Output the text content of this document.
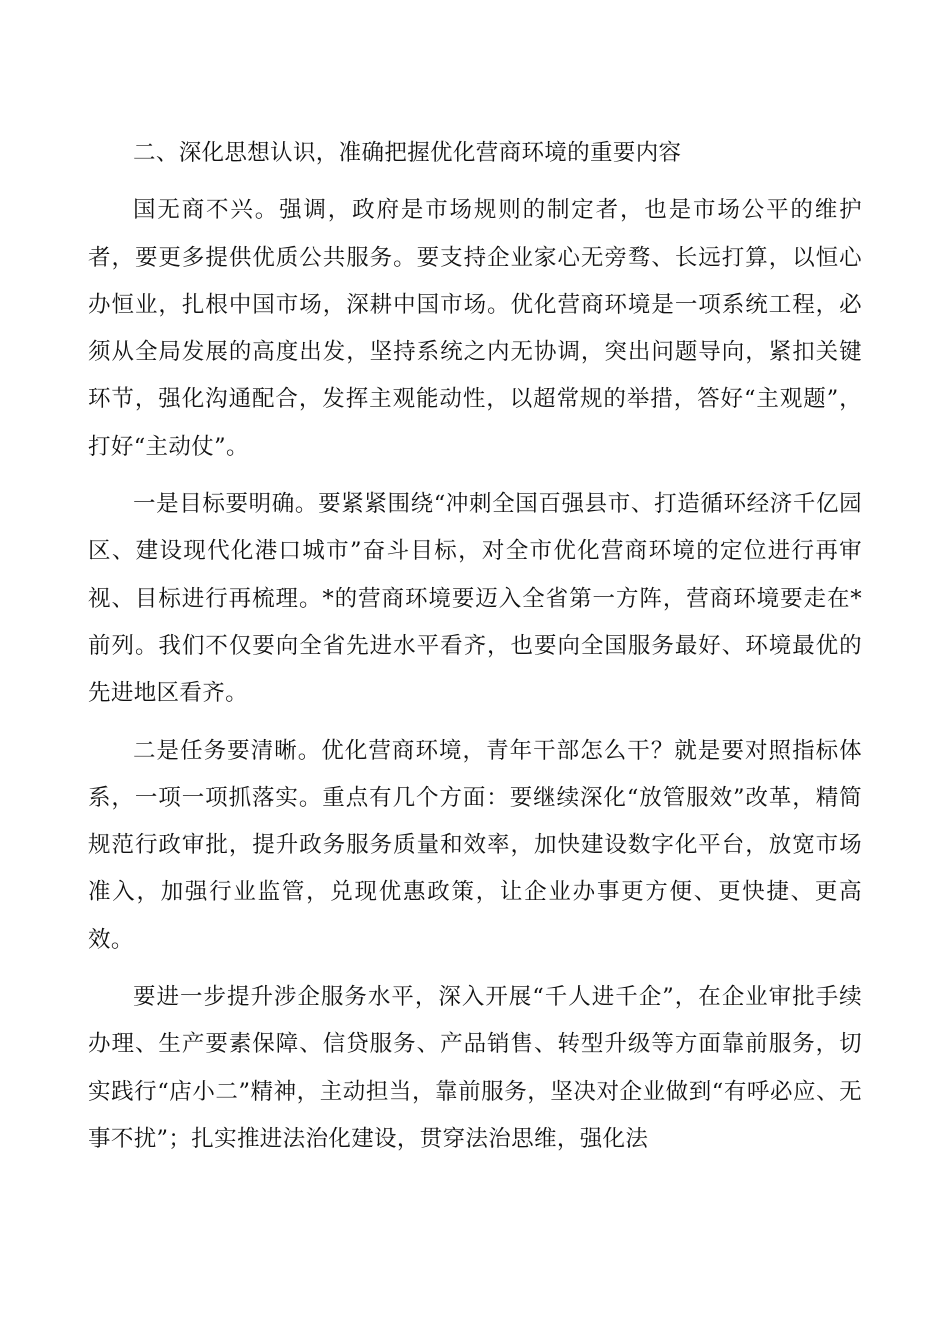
二、深化思想认识，准确把握优化营商环境的重要内容

国无商不兴。强调，政府是市场规则的制定者，也是市场公平的维护者，要更多提供优质公共服务。要支持企业家心无旁骛、长远打算，以恒心办恒业，扎根中国市场，深耕中国市场。优化营商环境是一项系统工程，必须从全局发展的高度出发，坚持系统之内无协调，突出问题导向，紧扣关键环节，强化沟通配合，发挥主观能动性，以超常规的举措，答好“主观题”，打好“主动仗”。

一是目标要明确。要紧紧围绕“冲刺全国百强县市、打造循环经济千亿园区、建设现代化港口城市”奋斗目标，对全市优化营商环境的定位进行再审视、目标进行再梳理。*的营商环境要迈入全省第一方阵，营商环境要走在*前列。我们不仅要向全省先进水平看齐，也要向全国服务最好、环境最优的先进地区看齐。

二是任务要清晰。优化营商环境，青年干部怎么干？就是要对照指标体系，一项一项抓落实。重点有几个方面：要继续深化“放管服效”改革，精简规范行政审批，提升政务服务质量和效率，加快建设数字化平台，放宽市场准入，加强行业监管，兑现优惠政策，让企业办事更方便、更快捷、更高效。

要进一步提升涉企服务水平，深入开展“千人进千企”，在企业审批手续办理、生产要素保障、信贷服务、产品销售、转型升级等方面靠前服务，切实践行“店小二”精神，主动担当，靠前服务，坚决对企业做到“有呼必应、无事不扰”；扎实推进法治化建设，贯穿法治思维，强化法
